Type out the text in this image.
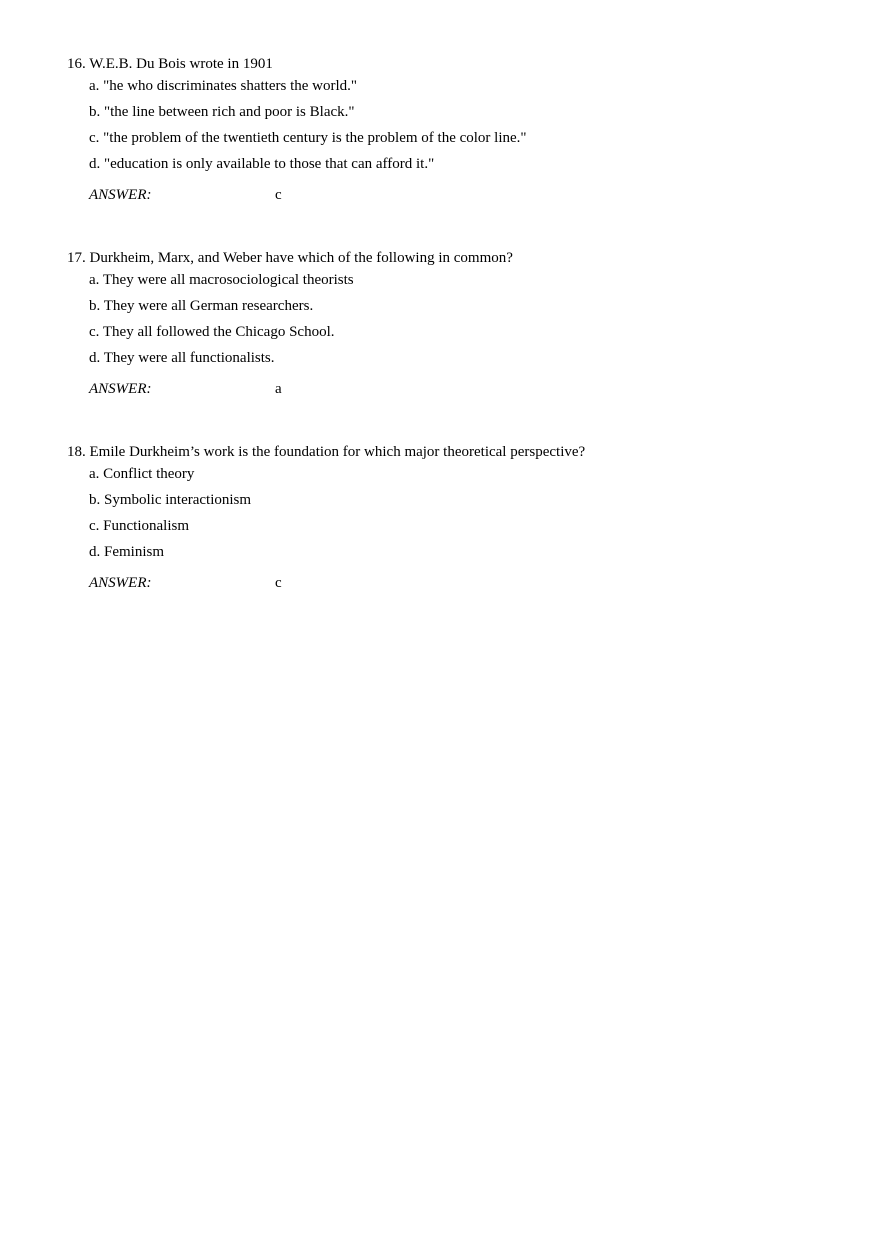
16. W.E.B. Du Bois wrote in 1901
a. "he who discriminates shatters the world."
b. "the line between rich and poor is Black."
c. "the problem of the twentieth century is the problem of the color line."
d. "education is only available to those that can afford it."
ANSWER:	c
17. Durkheim, Marx, and Weber have which of the following in common?
a. They were all macrosociological theorists
b. They were all German researchers.
c. They all followed the Chicago School.
d. They were all functionalists.
ANSWER:	a
18. Emile Durkheim’s work is the foundation for which major theoretical perspective?
a. Conflict theory
b. Symbolic interactionism
c. Functionalism
d. Feminism
ANSWER:	c
